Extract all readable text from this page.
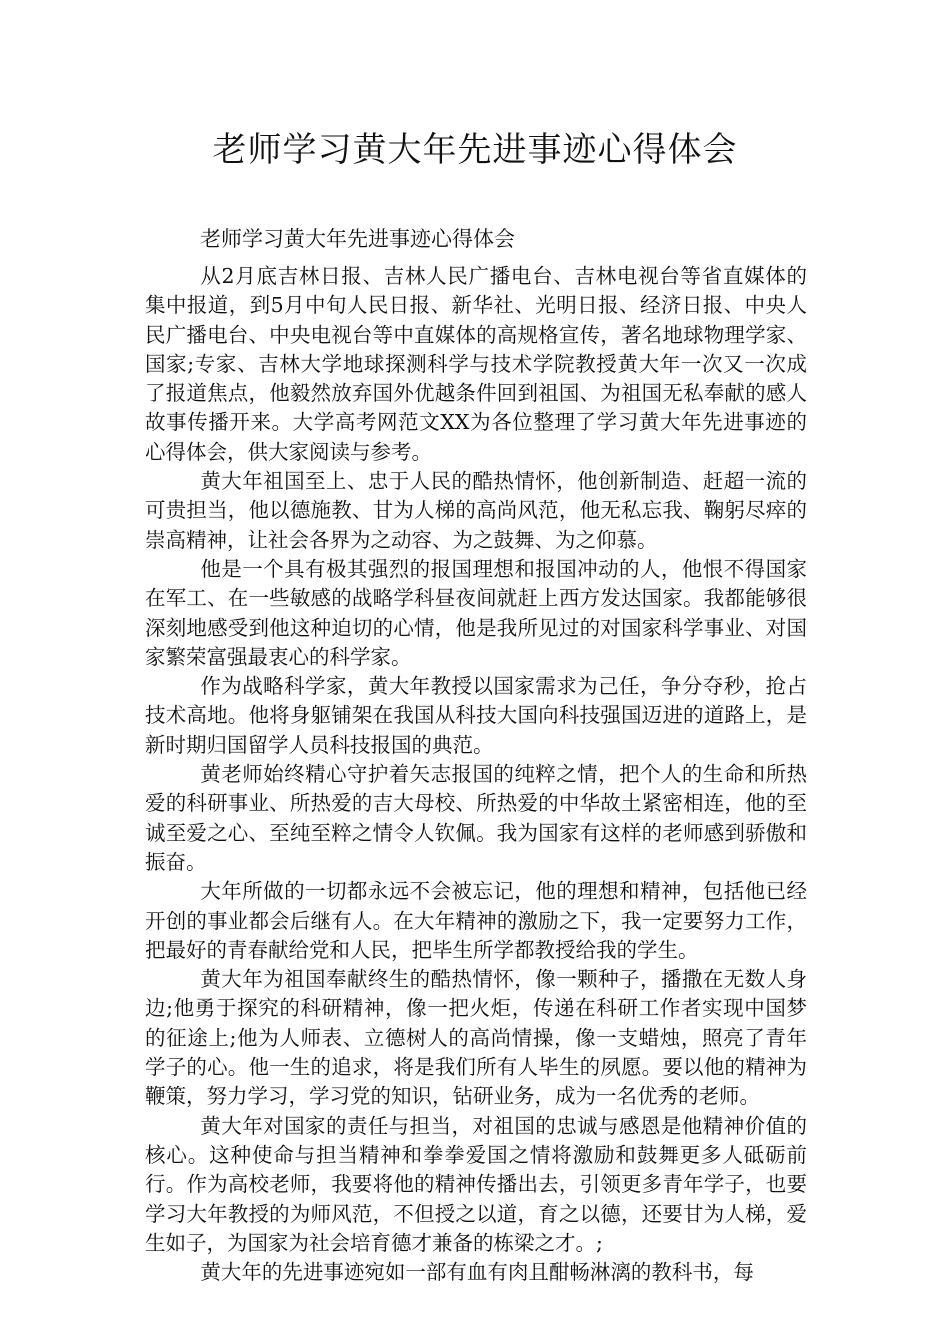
老师学习黄大年先进事迹心得体会

老师学习黄大年先进事迹心得体会

从2月底吉林日报、吉林人民广播电台、吉林电视台等省直媒体的集中报道，到5月中旬人民日报、新华社、光明日报、经济日报、中央人民广播电台、中央电视台等中直媒体的高规格宣传，著名地球物理学家、国家;专家、吉林大学地球探测科学与技术学院教授黄大年一次又一次成了报道焦点，他毅然放弃国外优越条件回到祖国、为祖国无私奉献的感人故事传播开来。大学高考网范文XX为各位整理了学习黄大年先进事迹的心得体会，供大家阅读与参考。

黄大年祖国至上、忠于人民的酷热情怀，他创新制造、赶超一流的可贵担当，他以德施教、甘为人梯的高尚风范，他无私忘我、鞠躬尽瘁的崇高精神，让社会各界为之动容、为之鼓舞、为之仰慕。

他是一个具有极其强烈的报国理想和报国冲动的人，他恨不得国家在军工、在一些敏感的战略学科昼夜间就赶上西方发达国家。我都能够很深刻地感受到他这种迫切的心情，他是我所见过的对国家科学事业、对国家繁荣富强最衷心的科学家。

作为战略科学家，黄大年教授以国家需求为己任，争分夺秒，抢占技术高地。他将身躯铺架在我国从科技大国向科技强国迈进的道路上，是新时期归国留学人员科技报国的典范。

黄老师始终精心守护着矢志报国的纯粹之情，把个人的生命和所热爱的科研事业、所热爱的吉大母校、所热爱的中华故土紧密相连，他的至诚至爱之心、至纯至粹之情令人钦佩。我为国家有这样的老师感到骄傲和振奋。

大年所做的一切都永远不会被忘记，他的理想和精神，包括他已经开创的事业都会后继有人。在大年精神的激励之下，我一定要努力工作，把最好的青春献给党和人民，把毕生所学都教授给我的学生。

黄大年为祖国奉献终生的酷热情怀，像一颗种子，播撒在无数人身边;他勇于探究的科研精神，像一把火炬，传递在科研工作者实现中国梦的征途上;他为人师表、立德树人的高尚情操，像一支蜡烛，照亮了青年学子的心。他一生的追求，将是我们所有人毕生的夙愿。要以他的精神为鞭策，努力学习，学习党的知识，钻研业务，成为一名优秀的老师。

黄大年对国家的责任与担当，对祖国的忠诚与感恩是他精神价值的核心。这种使命与担当精神和拳拳爱国之情将激励和鼓舞更多人砥砺前行。作为高校老师，我要将他的精神传播出去，引领更多青年学子，也要学习大年教授的为师风范，不但授之以道，育之以德，还要甘为人梯，爱生如子，为国家为社会培育德才兼备的栋梁之才。;

黄大年的先进事迹宛如一部有血有肉且酣畅淋漓的教科书，每
